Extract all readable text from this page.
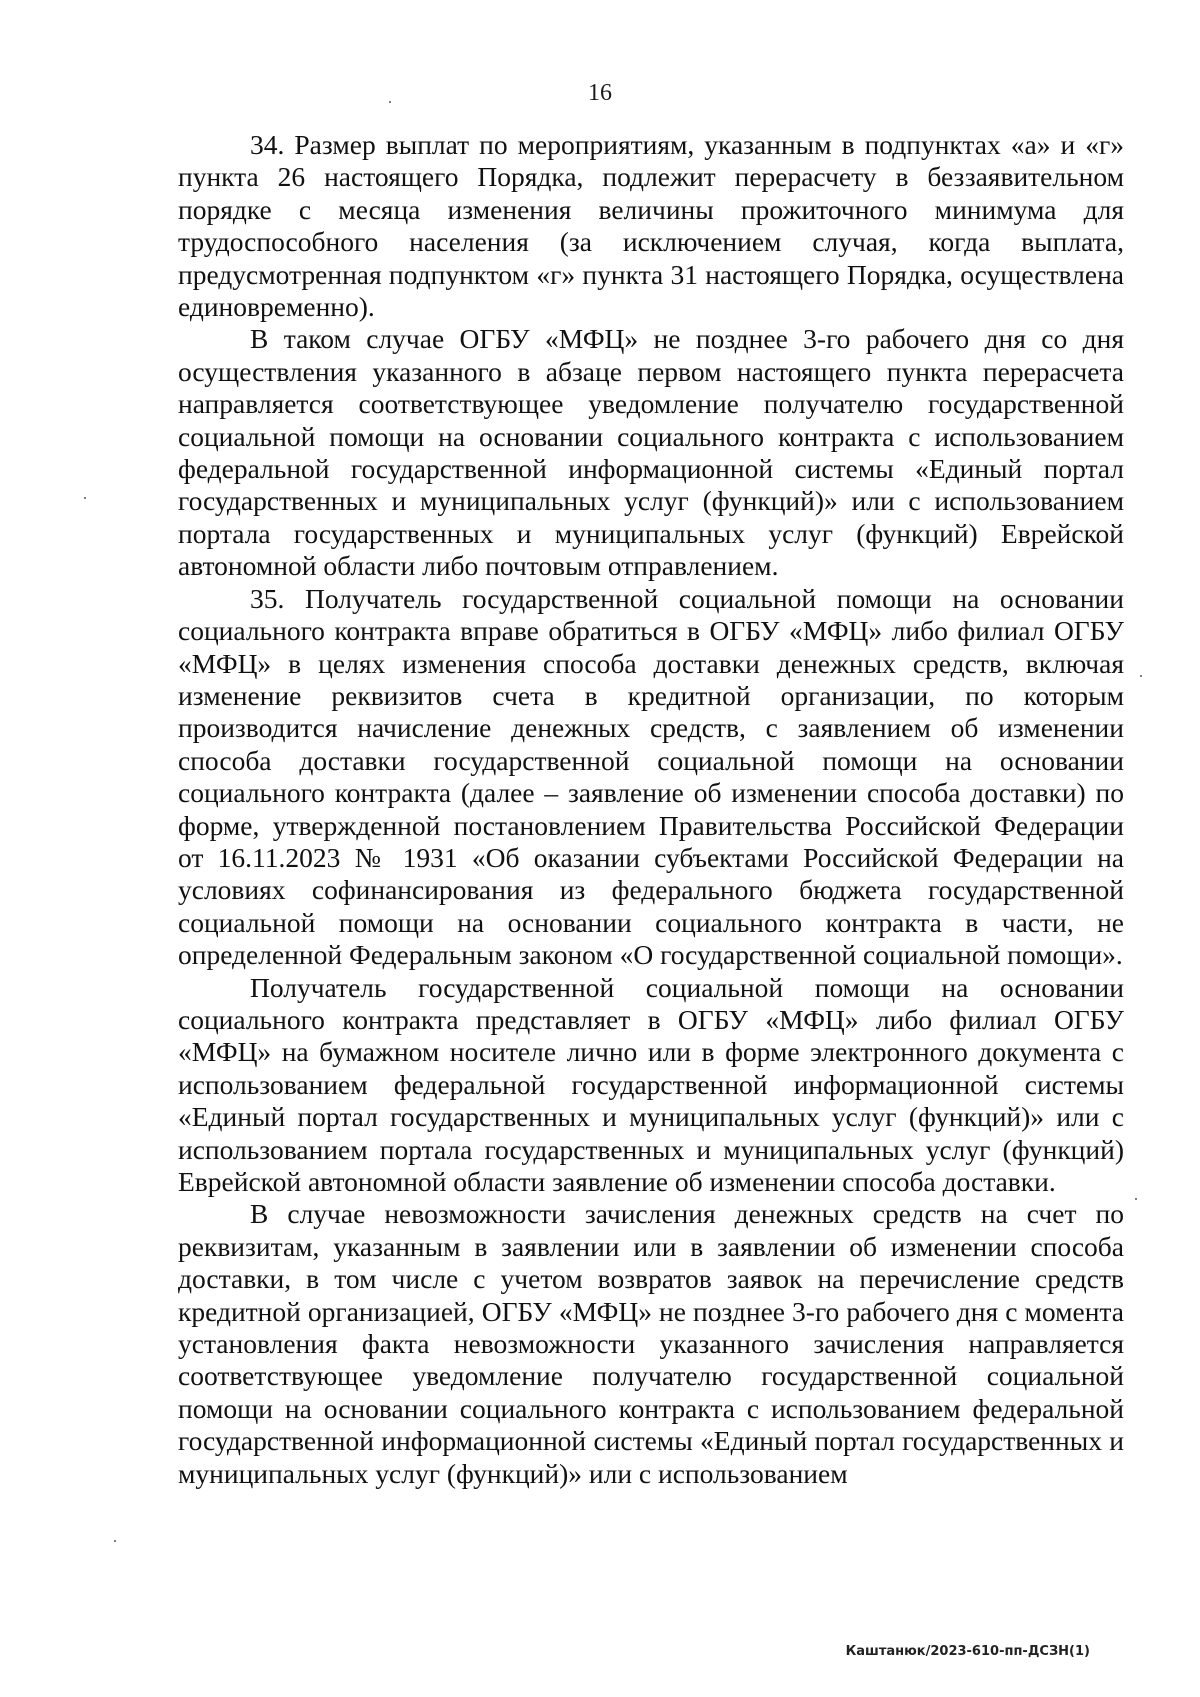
16

34. Размер выплат по мероприятиям, указанным в подпунктах «а» и «г» пункта 26 настоящего Порядка, подлежит перерасчету в беззаявительном порядке с месяца изменения величины прожиточного минимума для трудоспособного населения (за исключением случая, когда выплата, предусмотренная подпунктом «г» пункта 31 настоящего Порядка, осуществлена единовременно).

В таком случае ОГБУ «МФЦ» не позднее 3-го рабочего дня со дня осуществления указанного в абзаце первом настоящего пункта перерасчета направляется соответствующее уведомление получателю государственной социальной помощи на основании социального контракта с использованием федеральной государственной информационной системы «Единый портал государственных и муниципальных услуг (функций)» или с использованием портала государственных и муниципальных услуг (функций) Еврейской автономной области либо почтовым отправлением.

35. Получатель государственной социальной помощи на основании социального контракта вправе обратиться в ОГБУ «МФЦ» либо филиал ОГБУ «МФЦ» в целях изменения способа доставки денежных средств, включая изменение реквизитов счета в кредитной организации, по которым производится начисление денежных средств, с заявлением об изменении способа доставки государственной социальной помощи на основании социального контракта (далее – заявление об изменении способа доставки) по форме, утвержденной постановлением Правительства Российской Федерации от 16.11.2023 № 1931 «Об оказании субъектами Российской Федерации на условиях софинансирования из федерального бюджета государственной социальной помощи на основании социального контракта в части, не определенной Федеральным законом «О государственной социальной помощи».

Получатель государственной социальной помощи на основании социального контракта представляет в ОГБУ «МФЦ» либо филиал ОГБУ «МФЦ» на бумажном носителе лично или в форме электронного документа с использованием федеральной государственной информационной системы «Единый портал государственных и муниципальных услуг (функций)» или с использованием портала государственных и муниципальных услуг (функций) Еврейской автономной области заявление об изменении способа доставки.

В случае невозможности зачисления денежных средств на счет по реквизитам, указанным в заявлении или в заявлении об изменении способа доставки, в том числе с учетом возвратов заявок на перечисление средств кредитной организацией, ОГБУ «МФЦ» не позднее 3-го рабочего дня с момента установления факта невозможности указанного зачисления направляется соответствующее уведомление получателю государственной социальной помощи на основании социального контракта с использованием федеральной государственной информационной системы «Единый портал государственных и муниципальных услуг (функций)» или с использованием

Каштанюк/2023-610-пп-ДСЗН(1)
